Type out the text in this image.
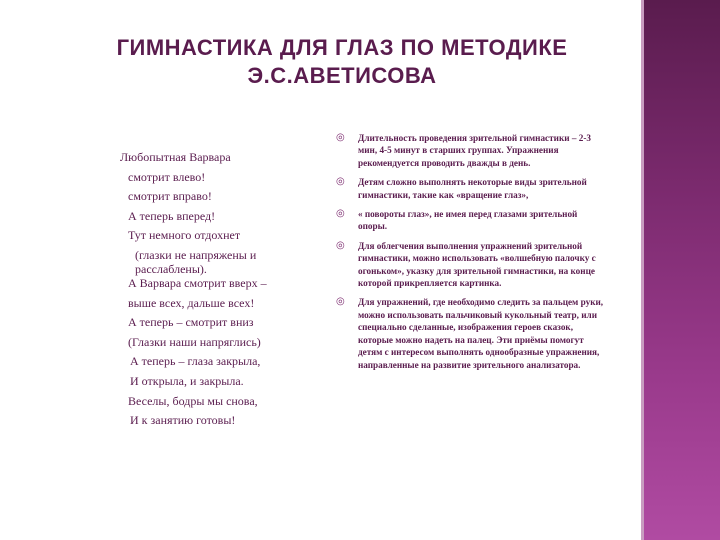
ГИМНАСТИКА ДЛЯ ГЛАЗ ПО МЕТОДИКЕ
Э.С.АВЕТИСОВА
Любопытная Варвара
смотрит влево!
смотрит вправо!
А теперь вперед!
Тут немного отдохнет
(глазки не напряжены и расслаблены).
А Варвара смотрит вверх –
выше всех, дальше всех!
А теперь – смотрит вниз
(Глазки наши напряглись)
А теперь – глаза закрыла,
И открыла, и закрыла.
Веселы, бодры мы снова,
И к занятию готовы!
◎ Длительность проведения зрительной гимнастики – 2-3 мин, 4-5 минут в старших группах. Упражнения рекомендуется проводить дважды в день.
◎ Детям сложно выполнять некоторые виды зрительной гимнастики, такие как «вращение глаз»,
◎ « повороты глаз», не имея перед глазами зрительной опоры.
◎ Для облегчения выполнения упражнений зрительной гимнастики, можно использовать «волшебную палочку с огоньком», указку для зрительной гимнастики, на конце которой прикрепляется картинка.
◎ Для упражнений, где необходимо следить за пальцем руки, можно использовать пальчиковый кукольный театр, или специально сделанные, изображения героев сказок, которые можно надеть на палец. Эти приёмы помогут детям с интересом выполнять однообразные упражнения, направленные на развитие зрительного анализатора.
